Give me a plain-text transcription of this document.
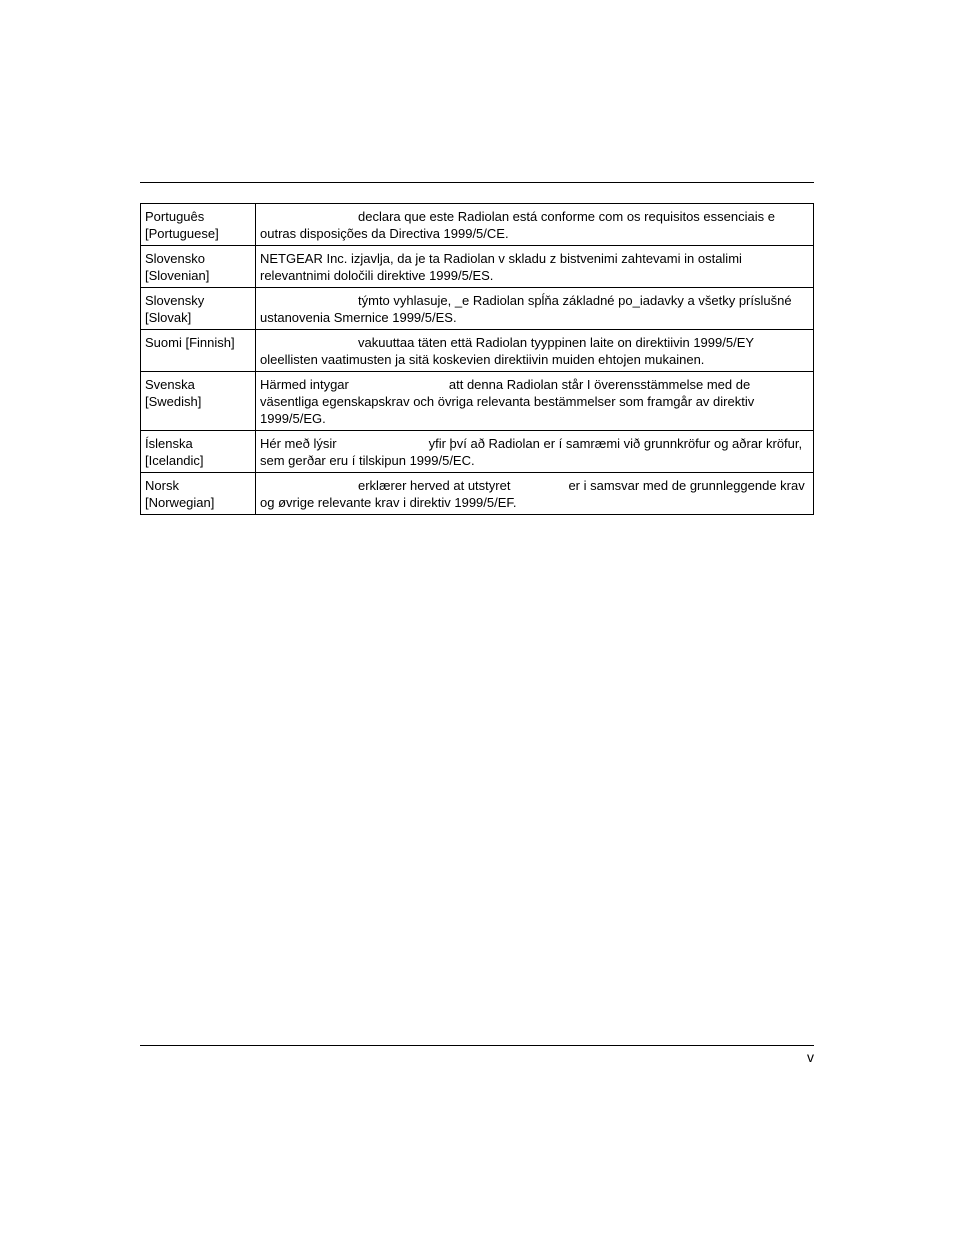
Português [Portuguese]	declara que este Radiolan está conforme com os requisitos essenciais e outras disposições da Directiva 1999/5/CE.
Slovensko [Slovenian]	NETGEAR Inc. izjavlja, da je ta Radiolan v skladu z bistvenimi zahtevami in ostalimi relevantnimi določili direktive 1999/5/ES.
Slovensky [Slovak]	týmto vyhlasuje, _e Radiolan spĺňa základné po_iadavky a všetky príslušné ustanovenia Smernice 1999/5/ES.
Suomi [Finnish]	vakuuttaa täten että Radiolan tyyppinen laite on direktiivin 1999/5/EY oleellisten vaatimusten ja sitä koskevien direktiivin muiden ehtojen mukainen.
Svenska [Swedish]	Härmed intygar att denna Radiolan står I överensstämmelse med de väsentliga egenskapskrav och övriga relevanta bestämmelser som framgår av direktiv 1999/5/EG.
Íslenska [Icelandic]	Hér með lýsir yfir því að Radiolan er í samræmi við grunnkröfur og aðrar kröfur, sem gerðar eru í tilskipun 1999/5/EC.
Norsk [Norwegian]	erklærer herved at utstyret er i samsvar med de grunnleggende krav og øvrige relevante krav i direktiv 1999/5/EF.
v
